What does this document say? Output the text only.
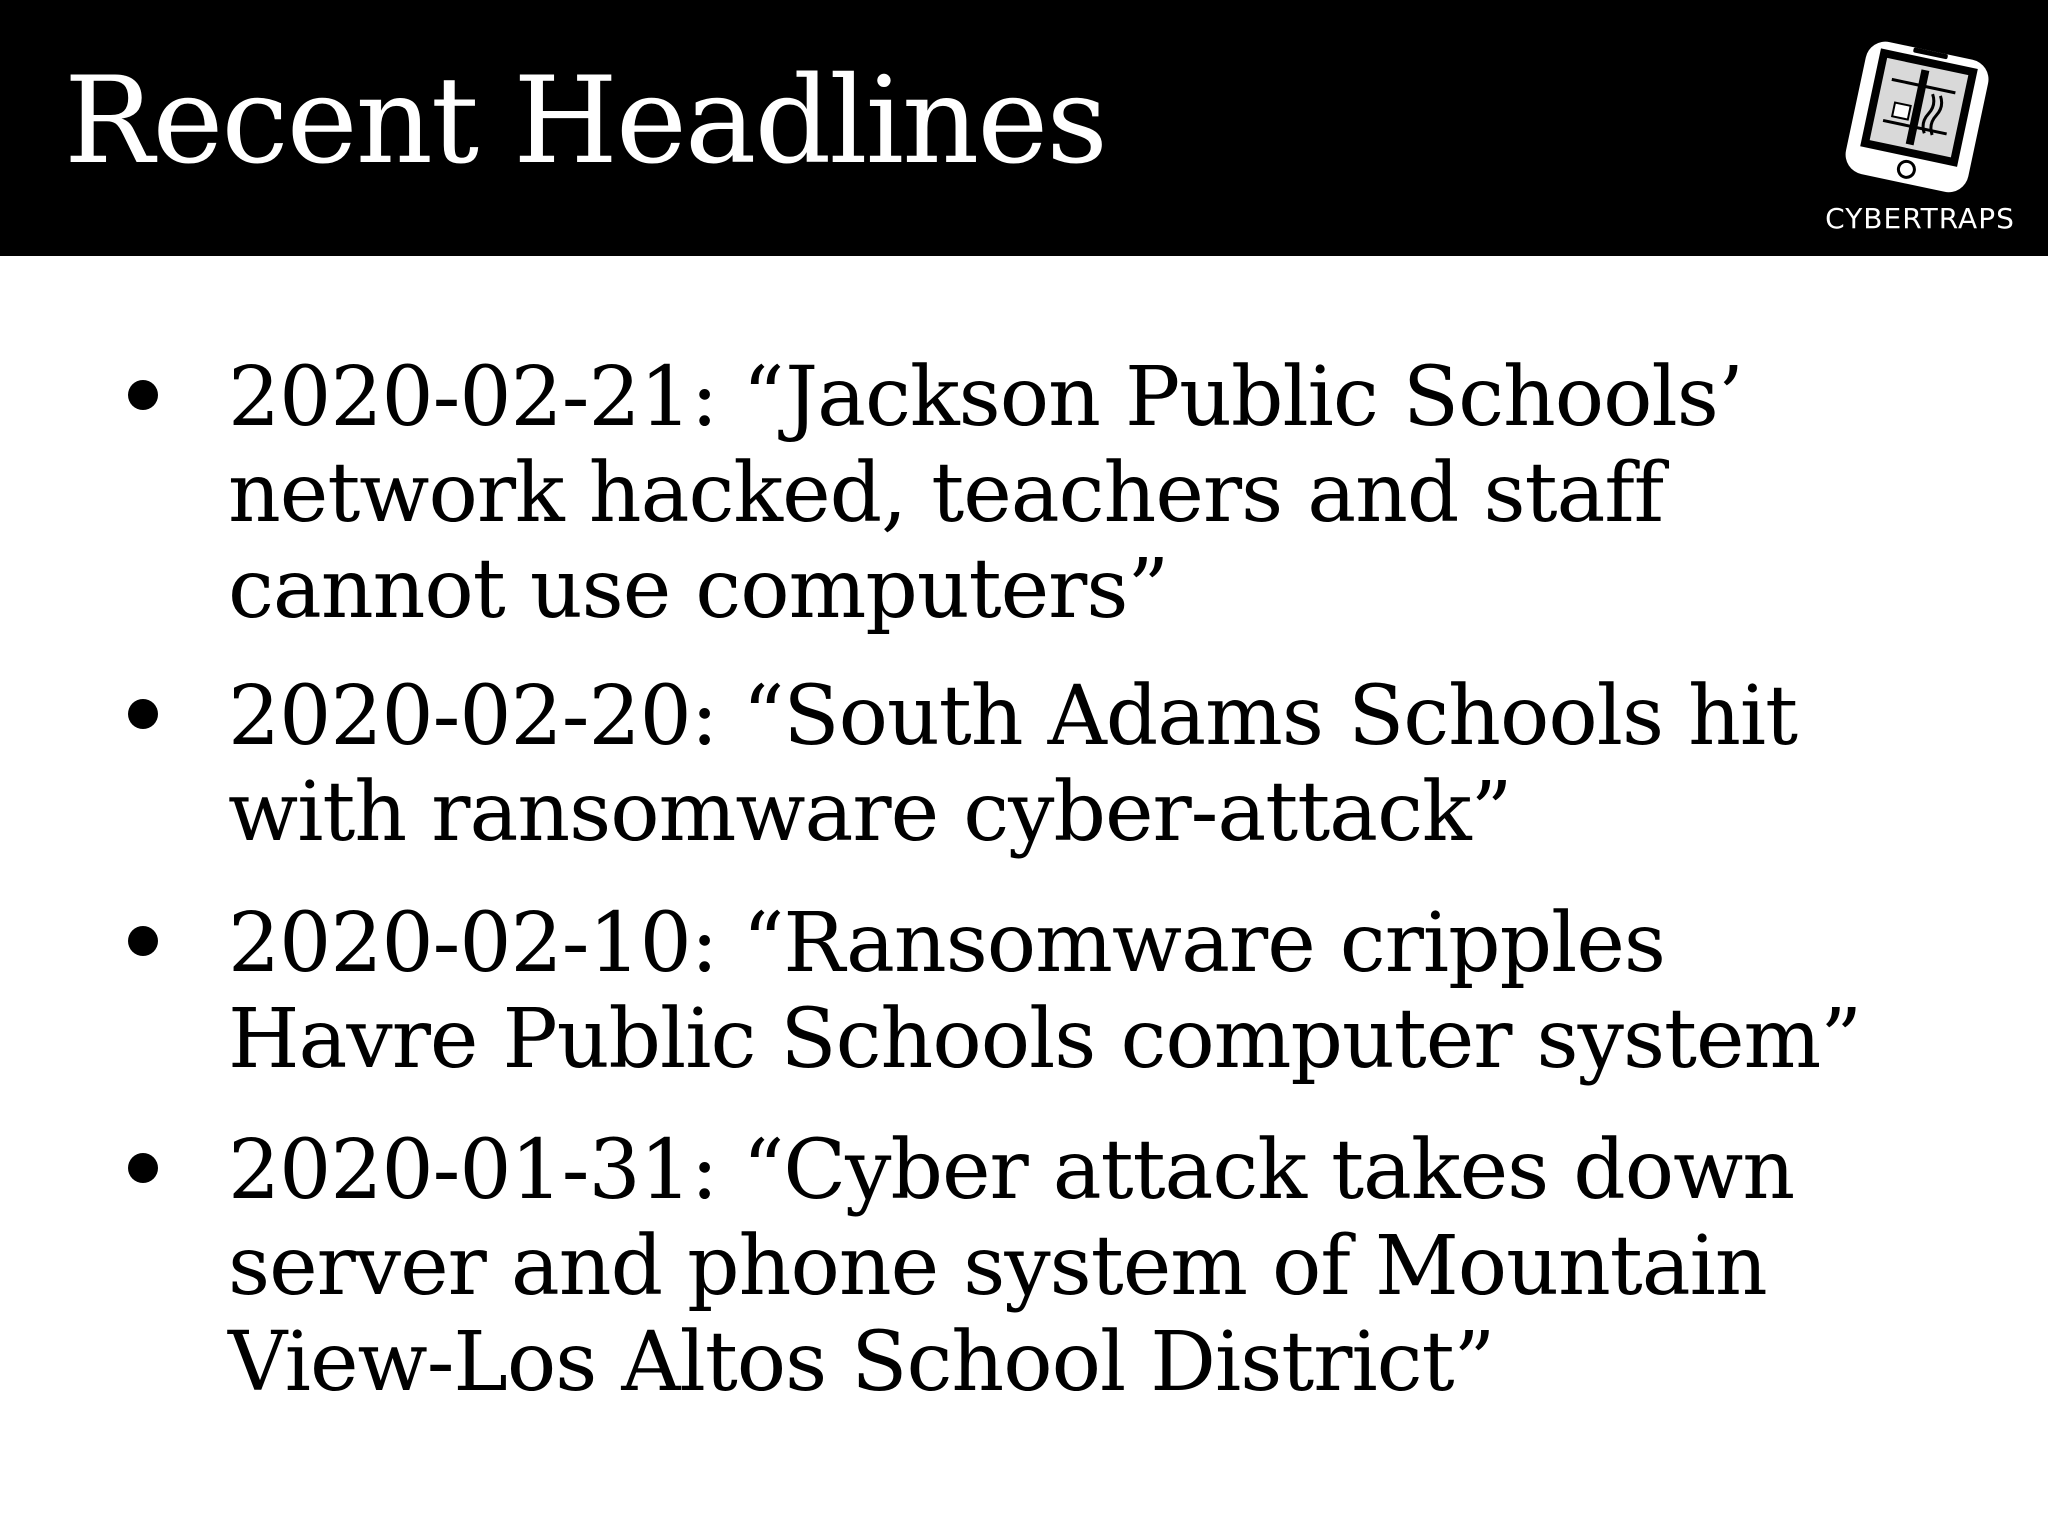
Recent Headlines
CYBERTRAPS
2020-02-21: “Jackson Public Schools’
network hacked, teachers and staff
cannot use computers”
2020-02-20: “South Adams Schools hit
with ransomware cyber-attack”
2020-02-10: “Ransomware cripples
Havre Public Schools computer system”
2020-01-31: “Cyber attack takes down
server and phone system of Mountain
View-Los Altos School District”
